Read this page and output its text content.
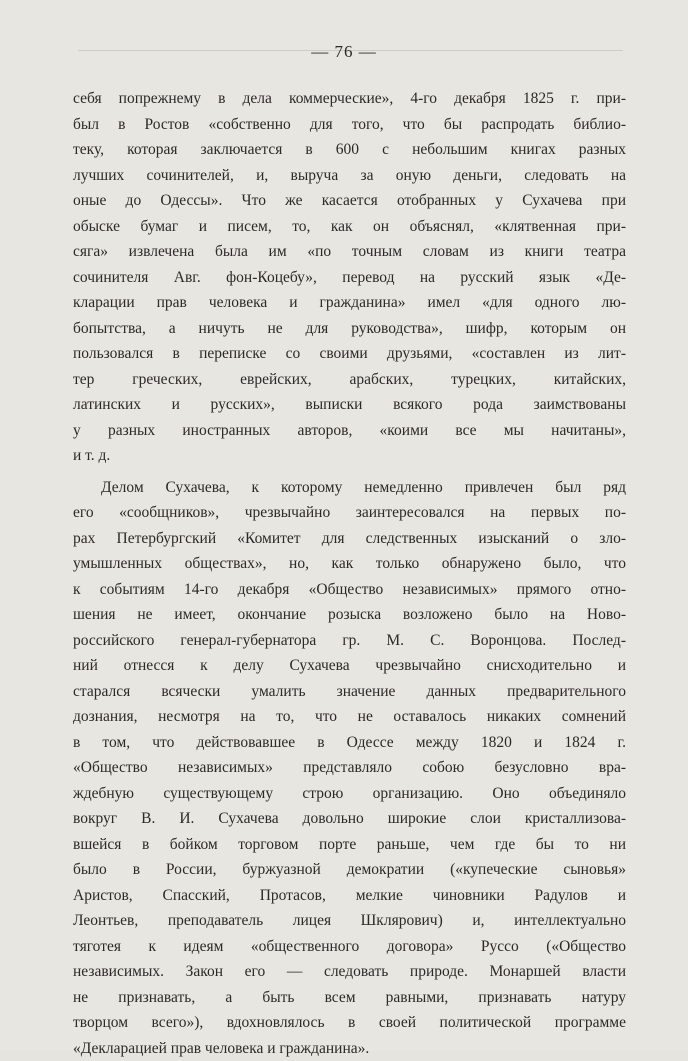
— 76 —
себя попрежнему в дела коммерческие», 4-го декабря 1825 г. при-
был в Ростов «собственно для того, что бы распродать библио-
теку, которая заключается в 600 с небольшим книгах разных
лучших сочинителей, и, выруча за оную деньги, следовать на
оные до Одессы». Что же касается отобранных у Сухачева при
обыске бумаг и писем, то, как он объяснял, «клятвенная при-
сяга» извлечена была им «по точным словам из книги театра
сочинителя Авг. фон-Коцебу», перевод на русский язык «Де-
кларации прав человека и гражданина» имел «для одного лю-
бопытства, а ничуть не для руководства», шифр, которым он
пользовался в переписке со своими друзьями, «составлен из лит-
тер греческих, еврейских, арабских, турецких, китайских,
латинских и русских», выписки всякого рода заимствованы
у разных иностранных авторов, «коими все мы начитаны»,
и т. д.
Делом Сухачева, к которому немедленно привлечен был ряд
его «сообщников», чрезвычайно заинтересовался на первых по-
рах Петербургский «Комитет для следственных изысканий о зло-
умышленных обществах», но, как только обнаружено было, что
к событиям 14-го декабря «Общество независимых» прямого отно-
шения не имеет, окончание розыска возложено было на Ново-
российского генерал-губернатора гр. М. С. Воронцова. Послед-
ний отнесся к делу Сухачева чрезвычайно снисходительно и
старался всячески умалить значение данных предварительного
дознания, несмотря на то, что не оставалось никаких сомнений
в том, что действовавшее в Одессе между 1820 и 1824 г.
«Общество независимых» представляло собою безусловно вра-
ждебную существующему строю организацию. Оно объединяло
вокруг В. И. Сухачева довольно широкие слои кристаллизова-
вшейся в бойком торговом порте раньше, чем где бы то ни
было в России, буржуазной демократии («купеческие сыновья»
Аристов, Спасский, Протасов, мелкие чиновники Радулов и
Леонтьев, преподаватель лицея Шклярович) и, интеллектуально
тяготея к идеям «общественного договора» Руссо («Общество
независимых. Закон его — следовать природе. Монаршей власти
не признавать, а быть всем равными, признавать натуру
творцом всего»), вдохновлялось в своей политической программе
«Декларацией прав человека и гражданина».
